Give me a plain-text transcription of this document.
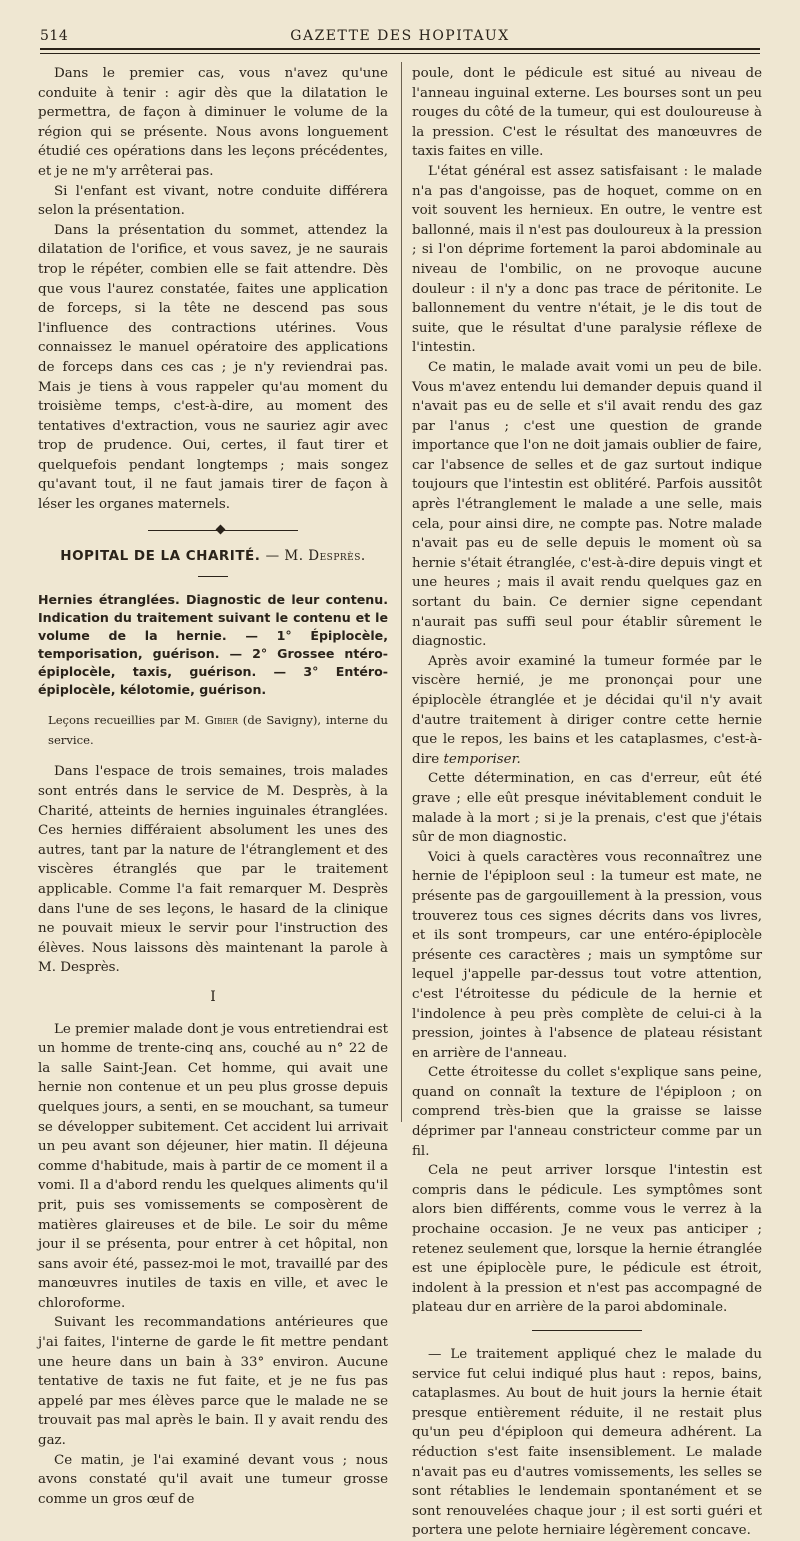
514	GAZETTE DES HOPITAUX

Dans le premier cas, vous n'avez qu'une conduite à tenir : agir dès que la dilatation le permettra, de façon à diminuer le volume de la région qui se présente. Nous avons longuement étudié ces opérations dans les leçons précédentes, et je ne m'y arrêterai pas.

Si l'enfant est vivant, notre conduite différera selon la présentation.

Dans la présentation du sommet, attendez la dilatation de l'orifice, et vous savez, je ne saurais trop le répéter, combien elle se fait attendre. Dès que vous l'aurez constatée, faites une application de forceps, si la tête ne descend pas sous l'influence des contractions utérines. Vous connaissez le manuel opératoire des applications de forceps dans ces cas ; je n'y reviendrai pas. Mais je tiens à vous rappeler qu'au moment du troisième temps, c'est-à-dire, au moment des tentatives d'extraction, vous ne sauriez agir avec trop de prudence. Oui, certes, il faut tirer et quelquefois pendant longtemps ; mais songez qu'avant tout, il ne faut jamais tirer de façon à léser les organes maternels.

HOPITAL DE LA CHARITÉ. — M. Desprès.
Hernies étranglées. Diagnostic de leur contenu. Indication du traitement suivant le contenu et le volume de la hernie. — 1° Épiplocèle, temporisation, guérison. — 2° Grossee ntéro-épiplocèle, taxis, guérison. — 3° Entéro-épiplocèle, kélotomie, guérison.

Leçons recueillies par M. Gibier (de Savigny), interne du service.

Dans l'espace de trois semaines, trois malades sont entrés dans le service de M. Desprès, à la Charité, atteints de hernies inguinales étranglées. Ces hernies différaient absolument les unes des autres, tant par la nature de l'étranglement et des viscères étranglés que par le traitement applicable. Comme l'a fait remarquer M. Desprès dans l'une de ses leçons, le hasard de la clinique ne pouvait mieux le servir pour l'instruction des élèves. Nous laissons dès maintenant la parole à M. Desprès.

I

Le premier malade dont je vous entretiendrai est un homme de trente-cinq ans, couché au n° 22 de la salle Saint-Jean. Cet homme, qui avait une hernie non contenue et un peu plus grosse depuis quelques jours, a senti, en se mouchant, sa tumeur se développer subitement. Cet accident lui arrivait un peu avant son déjeuner, hier matin. Il déjeuna comme d'habitude, mais à partir de ce moment il a vomi. Il a d'abord rendu les quelques aliments qu'il prit, puis ses vomissements se composèrent de matières glaireuses et de bile. Le soir du même jour il se présenta, pour entrer à cet hôpital, non sans avoir été, passez-moi le mot, travaillé par des manœuvres inutiles de taxis en ville, et avec le chloroforme.

Suivant les recommandations antérieures que j'ai faites, l'interne de garde le fit mettre pendant une heure dans un bain à 33° environ. Aucune tentative de taxis ne fut faite, et je ne fus pas appelé par mes élèves parce que le malade ne se trouvait pas mal après le bain. Il y avait rendu des gaz.

Ce matin, je l'ai examiné devant vous ; nous avons constaté qu'il avait une tumeur grosse comme un gros œuf de

poule, dont le pédicule est situé au niveau de l'anneau inguinal externe. Les bourses sont un peu rouges du côté de la tumeur, qui est douloureuse à la pression. C'est le résultat des manœuvres de taxis faites en ville.

L'état général est assez satisfaisant : le malade n'a pas d'angoisse, pas de hoquet, comme on en voit souvent les hernieux. En outre, le ventre est ballonné, mais il n'est pas douloureux à la pression ; si l'on déprime fortement la paroi abdominale au niveau de l'ombilic, on ne provoque aucune douleur : il n'y a donc pas trace de péritonite. Le ballonnement du ventre n'était, je le dis tout de suite, que le résultat d'une paralysie réflexe de l'intestin.

Ce matin, le malade avait vomi un peu de bile. Vous m'avez entendu lui demander depuis quand il n'avait pas eu de selle et s'il avait rendu des gaz par l'anus ; c'est une question de grande importance que l'on ne doit jamais oublier de faire, car l'absence de selles et de gaz surtout indique toujours que l'intestin est oblitéré. Parfois aussitôt après l'étranglement le malade a une selle, mais cela, pour ainsi dire, ne compte pas. Notre malade n'avait pas eu de selle depuis le moment où sa hernie s'était étranglée, c'est-à-dire depuis vingt et une heures ; mais il avait rendu quelques gaz en sortant du bain. Ce dernier signe cependant n'aurait pas suffi seul pour établir sûrement le diagnostic.

Après avoir examiné la tumeur formée par le viscère hernié, je me prononçai pour une épiplocèle étranglée et je décidai qu'il n'y avait d'autre traitement à diriger contre cette hernie que le repos, les bains et les cataplasmes, c'est-à-dire temporiser.

Cette détermination, en cas d'erreur, eût été grave ; elle eût presque inévitablement conduit le malade à la mort ; si je la prenais, c'est que j'étais sûr de mon diagnostic.

Voici à quels caractères vous reconnaîtrez une hernie de l'épiploon seul : la tumeur est mate, ne présente pas de gargouillement à la pression, vous trouverez tous ces signes décrits dans vos livres, et ils sont trompeurs, car une entéro-épiplocèle présente ces caractères ; mais un symptôme sur lequel j'appelle par-dessus tout votre attention, c'est l'étroitesse du pédicule de la hernie et l'indolence à peu près complète de celui-ci à la pression, jointes à l'absence de plateau résistant en arrière de l'anneau.

Cette étroitesse du collet s'explique sans peine, quand on connaît la texture de l'épiploon ; on comprend très-bien que la graisse se laisse déprimer par l'anneau constricteur comme par un fil.

Cela ne peut arriver lorsque l'intestin est compris dans le pédicule. Les symptômes sont alors bien différents, comme vous le verrez à la prochaine occasion. Je ne veux pas anticiper ; retenez seulement que, lorsque la hernie étranglée est une épiplocèle pure, le pédicule est étroit, indolent à la pression et n'est pas accompagné de plateau dur en arrière de la paroi abdominale.

— Le traitement appliqué chez le malade du service fut celui indiqué plus haut : repos, bains, cataplasmes. Au bout de huit jours la hernie était presque entièrement réduite, il ne restait plus qu'un peu d'épiploon qui demeura adhérent. La réduction s'est faite insensiblement. Le malade n'avait pas eu d'autres vomissements, les selles se sont rétablies le lendemain spontanément et se sont renouvelées chaque jour ; il est sorti guéri et portera une pelote herniaire légèrement concave.
